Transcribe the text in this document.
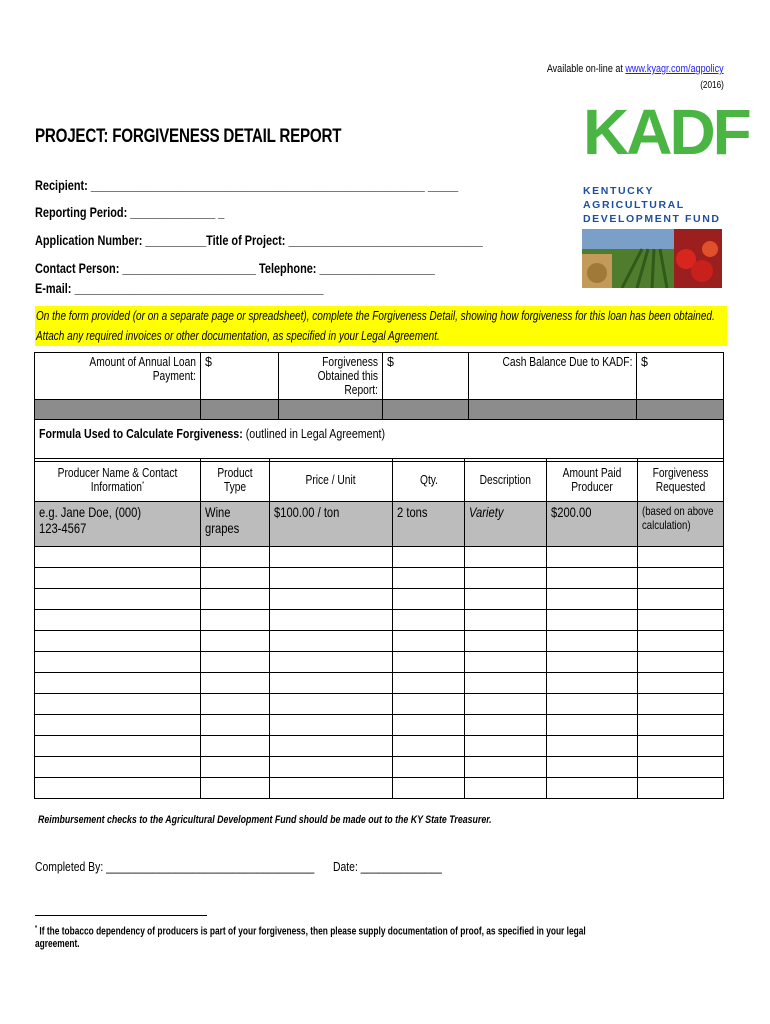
Available on-line at www.kyagr.com/agpolicy
(2016)
PROJECT: FORGIVENESS DETAIL REPORT	KADF
KENTUCKY AGRICULTURAL
DEVELOPMENT FUND
Recipient: _______________________________________________________ _____
Reporting Period: ______________ _
Application Number: __________Title of Project: ________________________________
Contact Person: ______________________ Telephone: ___________________
E-mail: _________________________________________
On the form provided (or on a separate page or spreadsheet), complete the Forgiveness Detail, showing how forgiveness for this loan has been obtained. Attach any required invoices or other documentation, as specified in your Legal Agreement.
Amount of Annual Loan Payment:	$	Forgiveness Obtained this Report:	$	Cash Balance Due to KADF:	$

Formula Used to Calculate Forgiveness: (outlined in Legal Agreement)					
Producer Name & Contact Information*	Product Type	Price / Unit	Qty.	Description	Amount Paid Producer	Forgiveness Requested
e.g. Jane Doe, (000) 123-4567	Wine grapes	$100.00 / ton	2 tons	Variety	$200.00	(based on above calculation)

Reimbursement checks to the Agricultural Development Fund should be made out to the KY State Treasurer.
Completed By: ____________________________________	Date: ______________
* If the tobacco dependency of producers is part of your forgiveness, then please supply documentation of proof, as specified in your legal agreement.
